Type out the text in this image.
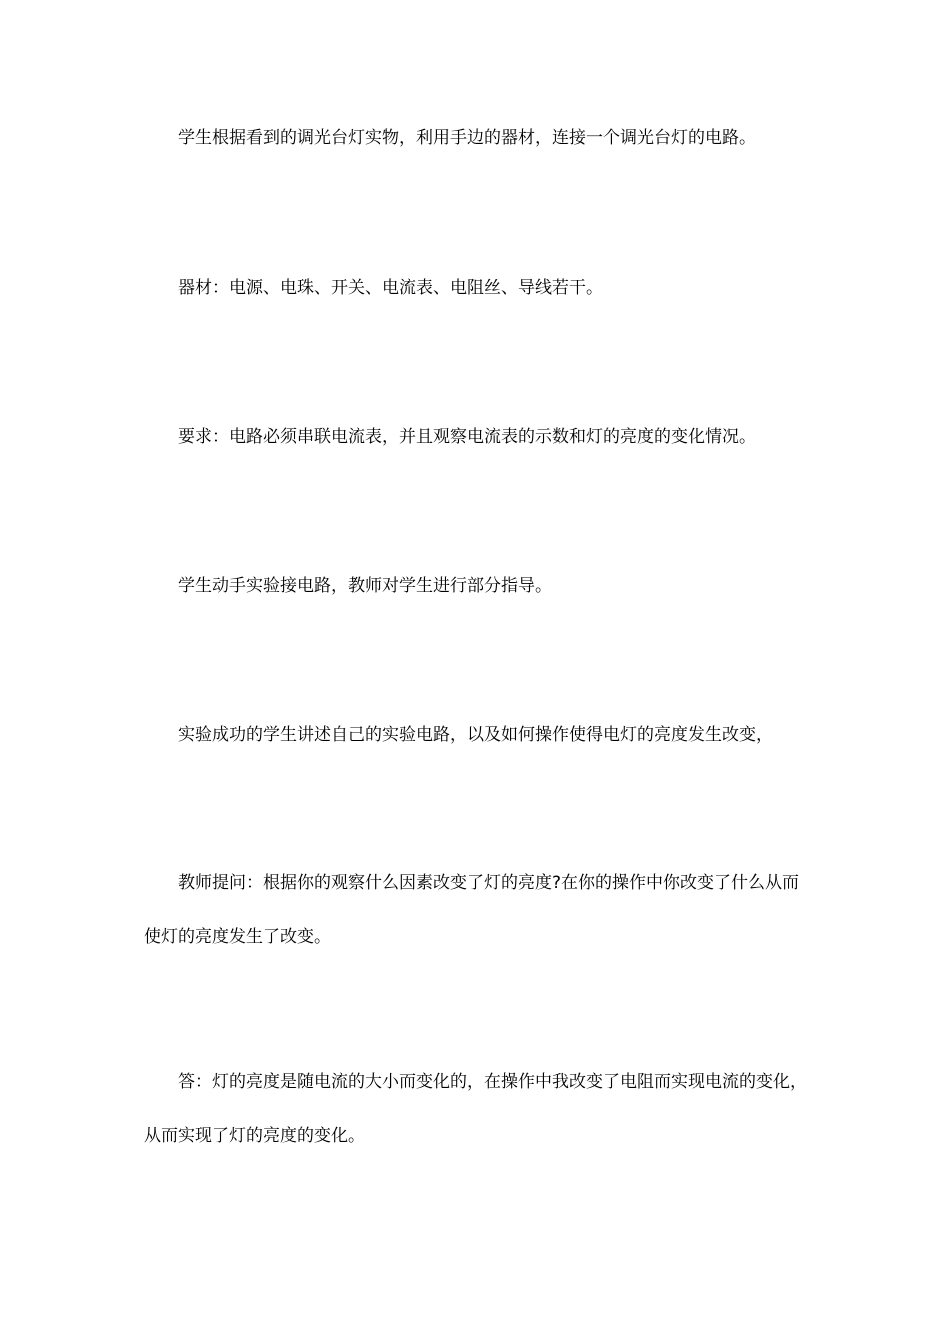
学生根据看到的调光台灯实物，利用手边的器材，连接一个调光台灯的电路。

器材：电源、电珠、开关、电流表、电阻丝、导线若干。

要求：电路必须串联电流表，并且观察电流表的示数和灯的亮度的变化情况。

学生动手实验接电路，教师对学生进行部分指导。

实验成功的学生讲述自己的实验电路，以及如何操作使得电灯的亮度发生改变，

教师提问：根据你的观察什么因素改变了灯的亮度?在你的操作中你改变了什么从而使灯的亮度发生了改变。

答：灯的亮度是随电流的大小而变化的，在操作中我改变了电阻而实现电流的变化，从而实现了灯的亮度的变化。
